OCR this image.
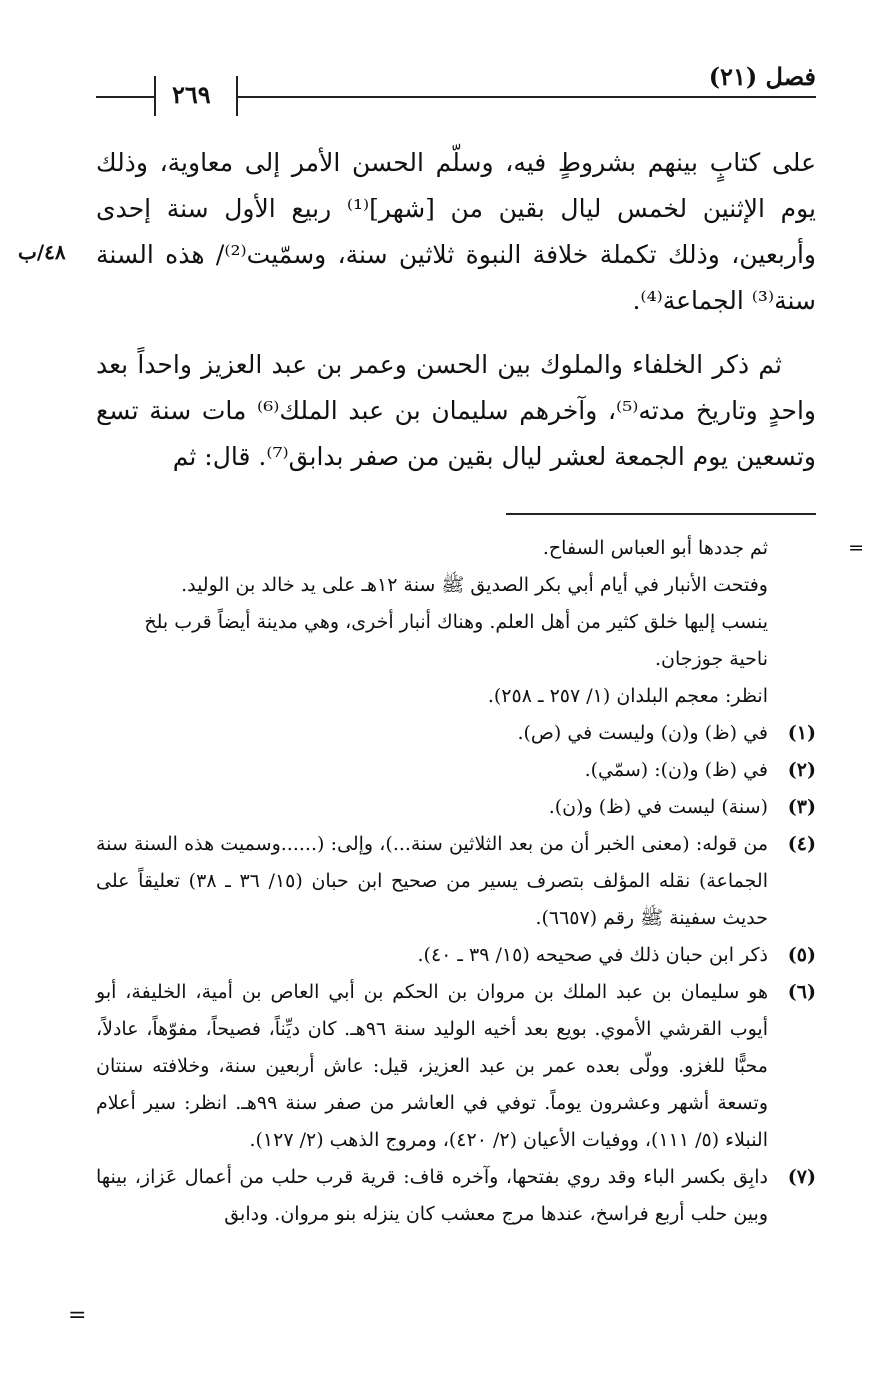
فصل (٢١)
٢٦٩
٤٨/ب

على كتابٍ بينهم بشروطٍ فيه، وسلّم الحسن الأمر إلى معاوية، وذلك يوم الإثنين لخمس ليال بقين من [شهر]⁽¹⁾ ربيع الأول سنة إحدى وأربعين، وذلك تكملة خلافة النبوة ثلاثين سنة، وسمّيت⁽²⁾/ هذه السنة سنة⁽³⁾ الجماعة⁽⁴⁾.

ثم ذكر الخلفاء والملوك بين الحسن وعمر بن عبد العزيز واحداً بعد واحدٍ وتاريخ مدته⁽⁵⁾، وآخرهم سليمان بن عبد الملك⁽⁶⁾ مات سنة تسع وتسعين يوم الجمعة لعشر ليال بقين من صفر بدابق⁽⁷⁾. قال: ثم

=
ثم جددها أبو العباس السفاح.
وفتحت الأنبار في أيام أبي بكر الصديق ﷺ سنة ١٢هـ على يد خالد بن الوليد.
ينسب إليها خلق كثير من أهل العلم. وهناك أنبار أخرى، وهي مدينة أيضاً قرب بلخ
ناحية جوزجان.
انظر: معجم البلدان (١/ ٢٥٧ ـ ٢٥٨).
(١)
في (ظ) و(ن) وليست في (ص).
(٢)
في (ظ) و(ن): (سمّي).
(٣)
(سنة) ليست في (ظ) و(ن).
(٤)
من قوله: (معنى الخبر أن من بعد الثلاثين سنة...)، وإلى: (......وسميت هذه السنة سنة الجماعة) نقله المؤلف بتصرف يسير من صحيح ابن حبان (١٥/ ٣٦ ـ ٣٨) تعليقاً على حديث سفينة ﷺ رقم (٦٦٥٧).
(٥)
ذكر ابن حبان ذلك في صحيحه (١٥/ ٣٩ ـ ٤٠).
(٦)
هو سليمان بن عبد الملك بن مروان بن الحكم بن أبي العاص بن أمية، الخليفة، أبو أيوب القرشي الأموي. بويع بعد أخيه الوليد سنة ٩٦هـ. كان ديِّناً، فصيحاً، مفوّهاً، عادلاً، محبًّا للغزو. وولّى بعده عمر بن عبد العزيز، قيل: عاش أربعين سنة، وخلافته سنتان وتسعة أشهر وعشرون يوماً. توفي في العاشر من صفر سنة ٩٩هـ. انظر: سير أعلام النبلاء (٥/ ١١١)، ووفيات الأعيان (٢/ ٤٢٠)، ومروج الذهب (٢/ ١٢٧).
(٧)
دابِق بكسر الباء وقد روي بفتحها، وآخره قاف: قرية قرب حلب من أعمال عَزاز، بينها وبين حلب أربع فراسخ، عندها مرج معشب كان ينزله بنو مروان. ودابق
=
